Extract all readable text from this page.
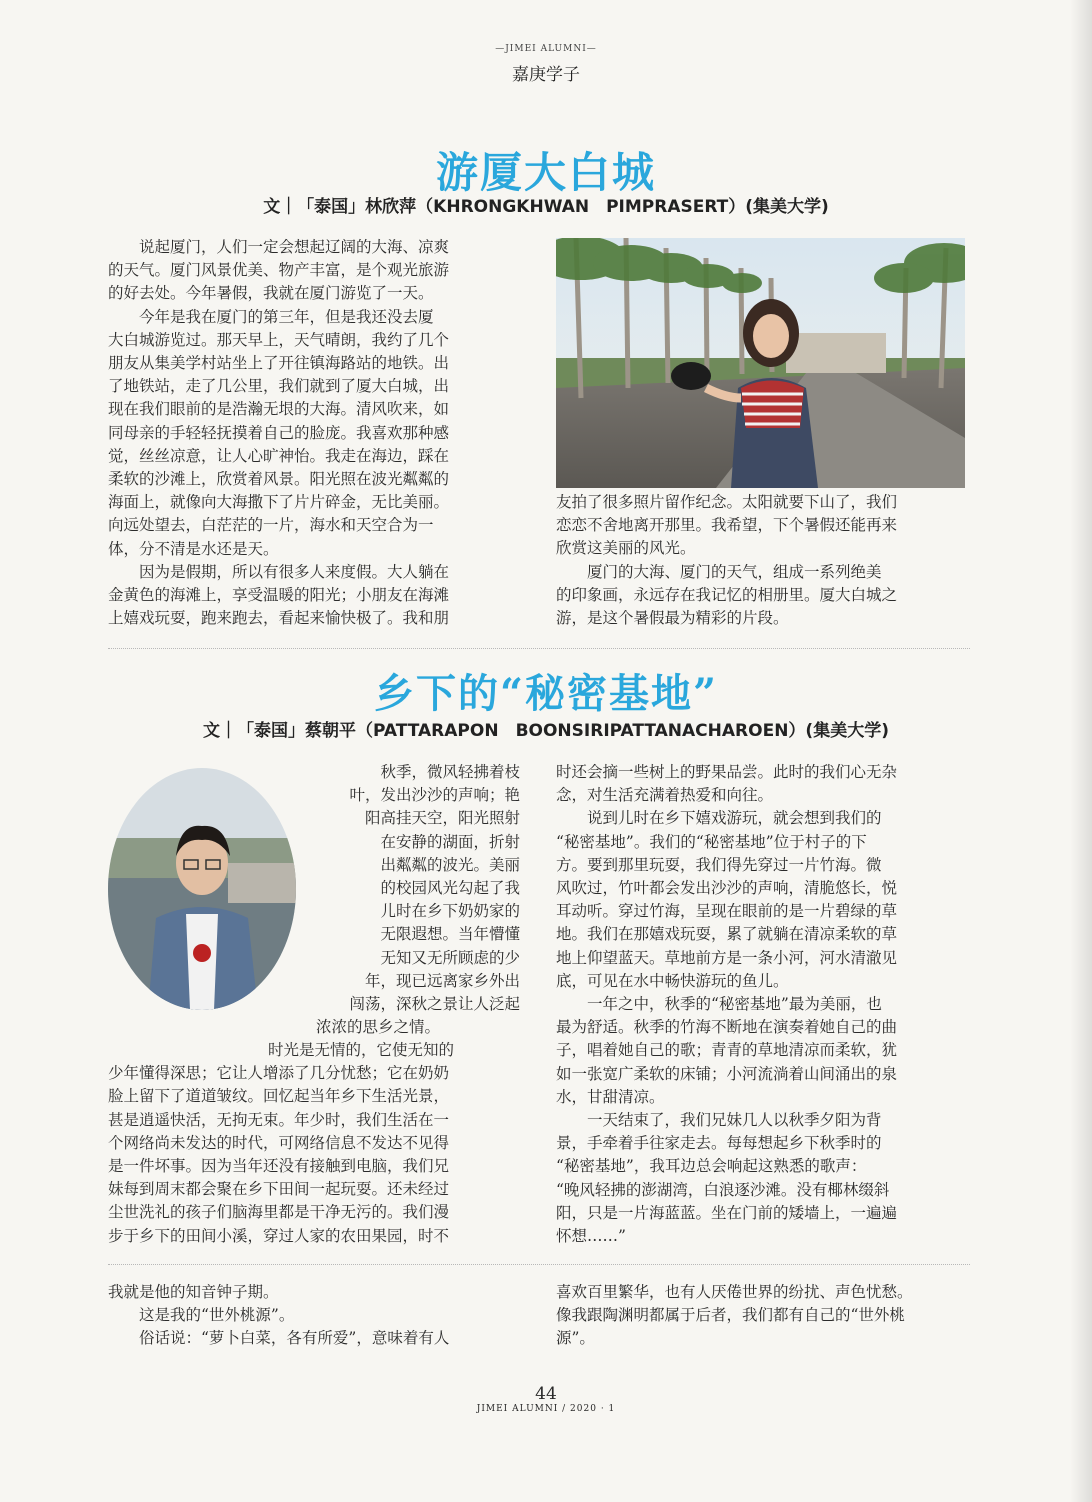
—JIMEI ALUMNI—
嘉庚学子
游厦大白城
文｜「泰国」林欣萍（KHRONGKHWAN　PIMPRASERT）(集美大学)

说起厦门，人们一定会想起辽阔的大海、凉爽

的天气。厦门风景优美、物产丰富，是个观光旅游

的好去处。今年暑假，我就在厦门游览了一天。

今年是我在厦门的第三年，但是我还没去厦

大白城游览过。那天早上，天气晴朗，我约了几个

朋友从集美学村站坐上了开往镇海路站的地铁。出

了地铁站，走了几公里，我们就到了厦大白城，出

现在我们眼前的是浩瀚无垠的大海。清风吹来，如

同母亲的手轻轻抚摸着自己的脸庞。我喜欢那种感

觉，丝丝凉意，让人心旷神怡。我走在海边，踩在

柔软的沙滩上，欣赏着风景。阳光照在波光粼粼的

海面上，就像向大海撒下了片片碎金，无比美丽。

向远处望去，白茫茫的一片，海水和天空合为一

体，分不清是水还是天。

因为是假期，所以有很多人来度假。大人躺在

金黄色的海滩上，享受温暖的阳光；小朋友在海滩

上嬉戏玩耍，跑来跑去，看起来愉快极了。我和朋

友拍了很多照片留作纪念。太阳就要下山了，我们

恋恋不舍地离开那里。我希望，下个暑假还能再来

欣赏这美丽的风光。

厦门的大海、厦门的天气，组成一系列绝美

的印象画，永远存在我记忆的相册里。厦大白城之

游，是这个暑假最为精彩的片段。

乡下的“秘密基地”
文｜「泰国」蔡朝平（PATTARAPON　BOONSIRIPATTANACHAROEN）(集美大学)

秋季，微风轻拂着枝

叶，发出沙沙的声响；艳

阳高挂天空，阳光照射

在安静的湖面，折射

出粼粼的波光。美丽

的校园风光勾起了我

儿时在乡下奶奶家的

无限遐想。当年懵懂

无知又无所顾虑的少

年，现已远离家乡外出

闯荡，深秋之景让人泛起

浓浓的思乡之情。

时光是无情的，它使无知的

少年懂得深思；它让人增添了几分忧愁；它在奶奶

脸上留下了道道皱纹。回忆起当年乡下生活光景，

甚是逍遥快活，无拘无束。年少时，我们生活在一

个网络尚未发达的时代，可网络信息不发达不见得

是一件坏事。因为当年还没有接触到电脑，我们兄

妹每到周末都会聚在乡下田间一起玩耍。还未经过

尘世洗礼的孩子们脑海里都是干净无污的。我们漫

步于乡下的田间小溪，穿过人家的农田果园，时不

时还会摘一些树上的野果品尝。此时的我们心无杂

念，对生活充满着热爱和向往。

说到儿时在乡下嬉戏游玩，就会想到我们的

“秘密基地”。我们的“秘密基地”位于村子的下

方。要到那里玩耍，我们得先穿过一片竹海。微

风吹过，竹叶都会发出沙沙的声响，清脆悠长，悦

耳动听。穿过竹海，呈现在眼前的是一片碧绿的草

地。我们在那嬉戏玩耍，累了就躺在清凉柔软的草

地上仰望蓝天。草地前方是一条小河，河水清澈见

底，可见在水中畅快游玩的鱼儿。

一年之中，秋季的“秘密基地”最为美丽，也

最为舒适。秋季的竹海不断地在演奏着她自己的曲

子，唱着她自己的歌；青青的草地清凉而柔软，犹

如一张宽广柔软的床铺；小河流淌着山间涌出的泉

水，甘甜清凉。

一天结束了，我们兄妹几人以秋季夕阳为背

景，手牵着手往家走去。每每想起乡下秋季时的

“秘密基地”，我耳边总会响起这熟悉的歌声：

“晚风轻拂的澎湖湾，白浪逐沙滩。没有椰林缀斜

阳，只是一片海蓝蓝。坐在门前的矮墙上，一遍遍

怀想……”

我就是他的知音钟子期。

这是我的“世外桃源”。

俗话说：“萝卜白菜，各有所爱”，意味着有人

喜欢百里繁华，也有人厌倦世界的纷扰、声色忧愁。

像我跟陶渊明都属于后者，我们都有自己的“世外桃

源”。

44
JIMEI ALUMNI / 2020 · 1
